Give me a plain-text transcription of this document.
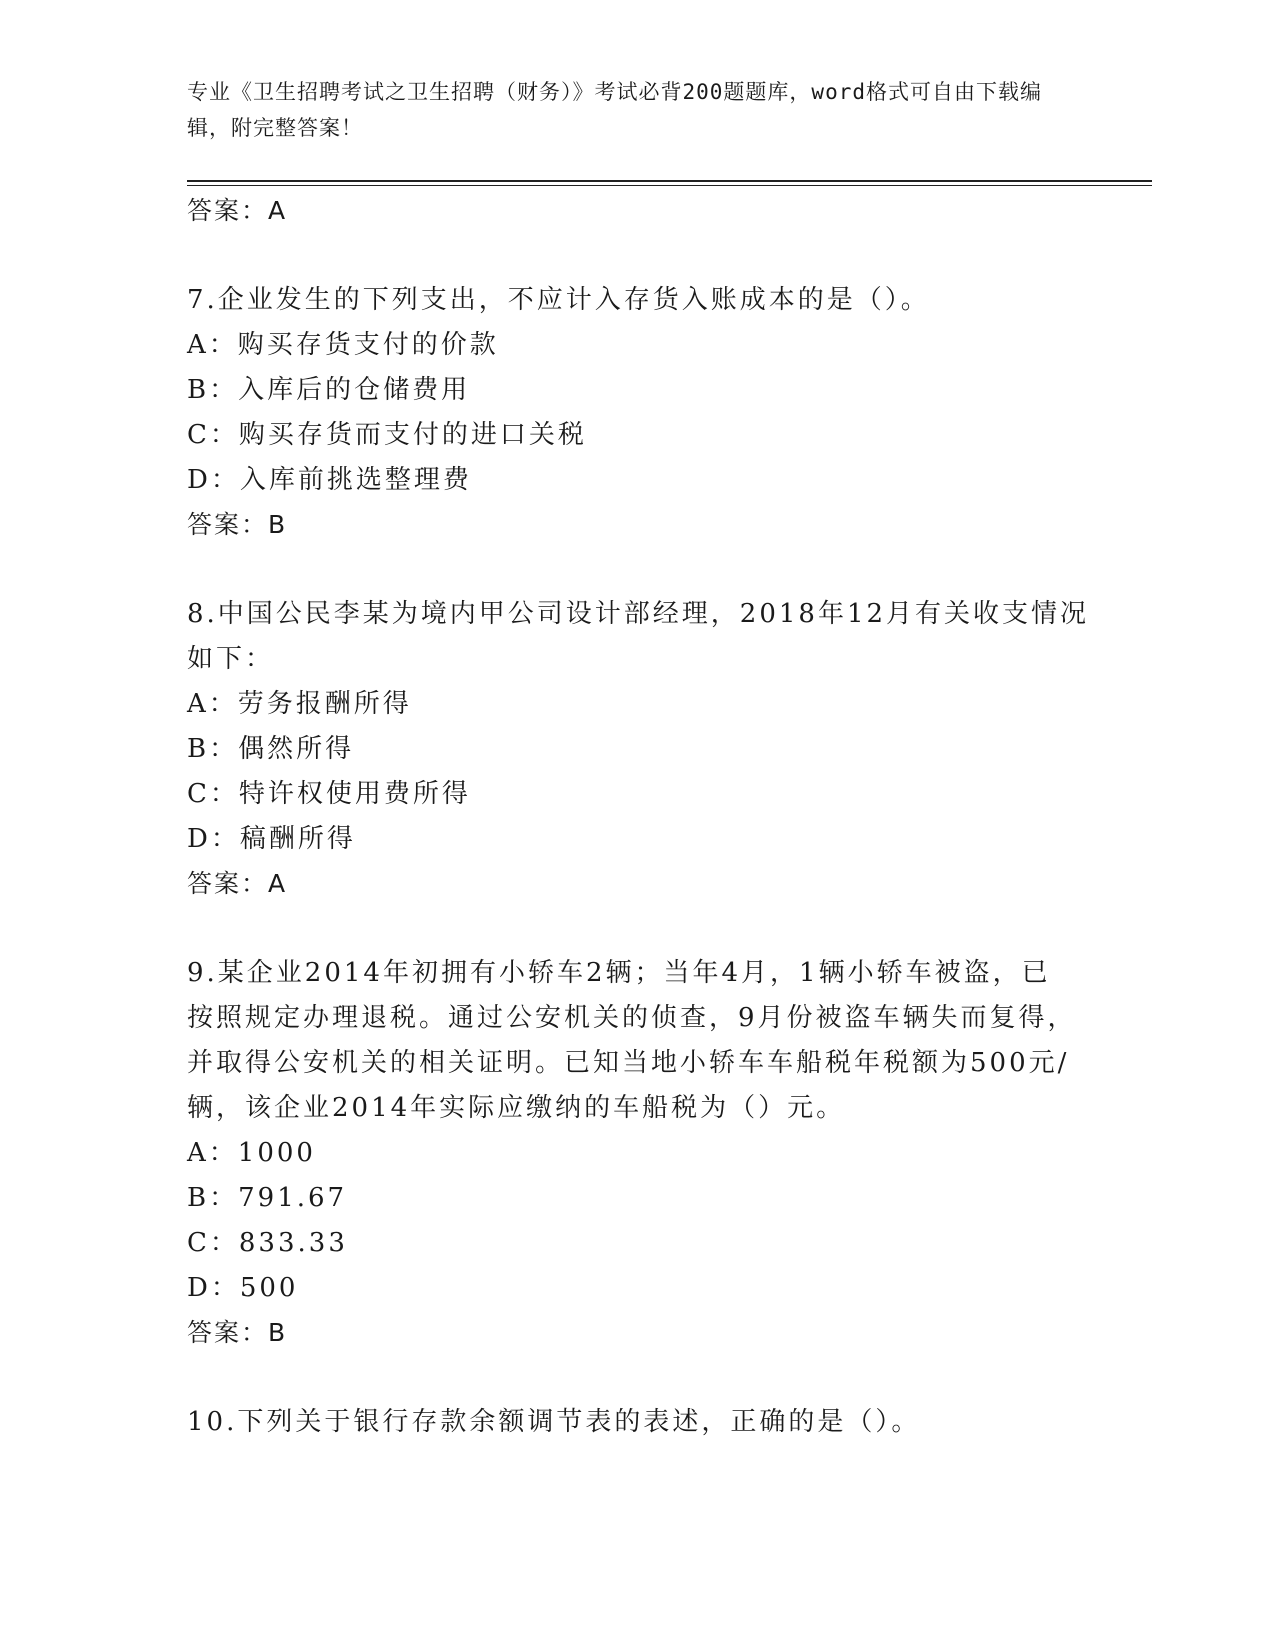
专业《卫生招聘考试之卫生招聘（财务）》考试必背200题题库，word格式可自由下载编辑，附完整答案！
答案：A
7.企业发生的下列支出，不应计入存货入账成本的是（）。
A：购买存货支付的价款
B：入库后的仓储费用
C：购买存货而支付的进口关税
D：入库前挑选整理费
答案：B
8.中国公民李某为境内甲公司设计部经理，2018年12月有关收支情况
如下：
A：劳务报酬所得
B：偶然所得
C：特许权使用费所得
D：稿酬所得
答案：A
9.某企业2014年初拥有小轿车2辆；当年4月，1辆小轿车被盗，已
按照规定办理退税。通过公安机关的侦查，9月份被盗车辆失而复得，
并取得公安机关的相关证明。已知当地小轿车车船税年税额为500元/
辆，该企业2014年实际应缴纳的车船税为（）元。
A：1000
B：791.67
C：833.33
D：500
答案：B
10.下列关于银行存款余额调节表的表述，正确的是（）。
